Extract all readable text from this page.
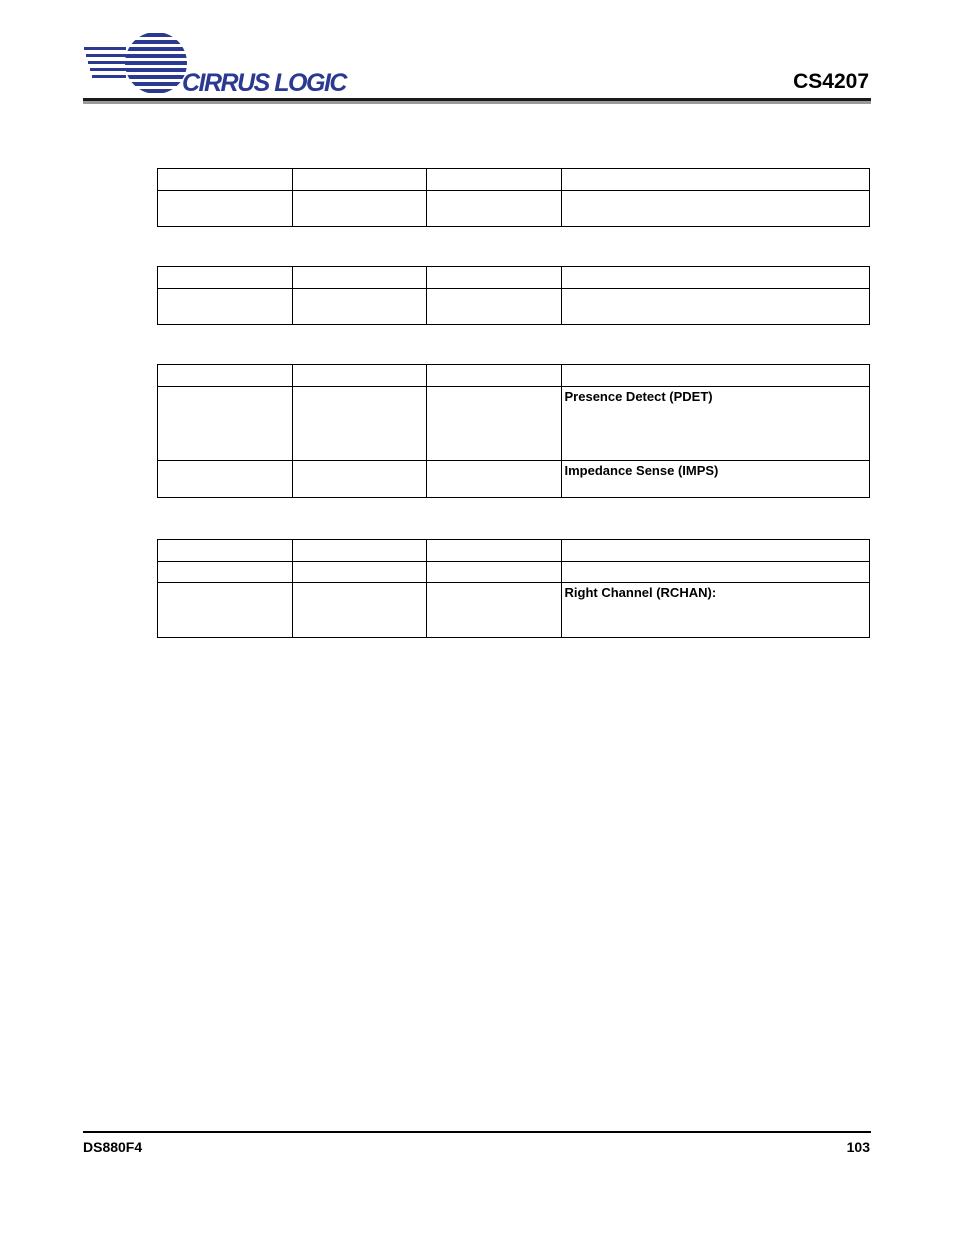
CIRRUS LOGIC	CS4207

			Presence Detect (PDET)

			Impedance Sense (IMPS)

			Right Channel (RCHAN):
DS880F4	103
